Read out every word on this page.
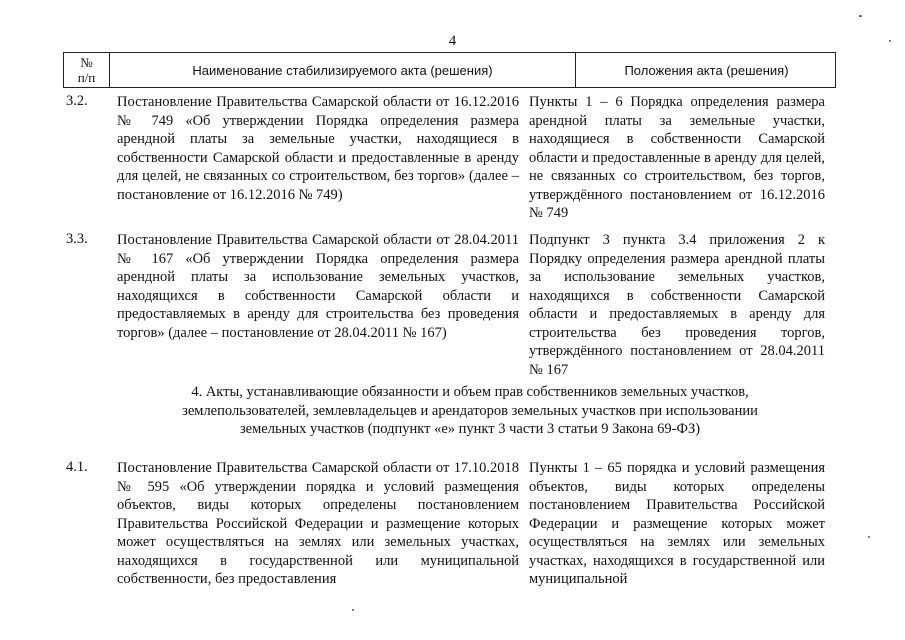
4
№
п/п	Наименование стабилизируемого акта (решения)	Положения акта (решения)
3.2. Постановление Правительства Самарской области от 16.12.2016 № 749 «Об утверждении Порядка определения размера арендной платы за земельные участки, находящиеся в собственности Самарской области и предоставленные в аренду для целей, не связанных со строительством, без торгов» (далее – постановление от 16.12.2016 № 749)
Пункты 1 – 6 Порядка определения размера арендной платы за земельные участки, находящиеся в собственности Самарской области и предоставленные в аренду для целей, не связанных со строительством, без торгов, утверждённого постановлением от 16.12.2016 № 749
3.3. Постановление Правительства Самарской области от 28.04.2011 № 167 «Об утверждении Порядка определения размера арендной платы за использование земельных участков, находящихся в собственности Самарской области и предоставляемых в аренду для строительства без проведения торгов» (далее – постановление от 28.04.2011 № 167)
Подпункт 3 пункта 3.4 приложения 2 к Порядку определения размера арендной платы за использование земельных участков, находящихся в собственности Самарской области и предоставляемых в аренду для строительства без проведения торгов, утверждённого постановлением от 28.04.2011 № 167
4. Акты, устанавливающие обязанности и объем прав собственников земельных участков, землепользователей, землевладельцев и арендаторов земельных участков при использовании земельных участков (подпункт «е» пункт 3 части 3 статьи 9 Закона 69-ФЗ)
4.1. Постановление Правительства Самарской области от 17.10.2018 № 595 «Об утверждении порядка и условий размещения объектов, виды которых определены постановлением Правительства Российской Федерации и размещение которых может осуществляться на землях или земельных участках, находящихся в государственной или муниципальной собственности, без предоставления
Пункты 1 – 65 порядка и условий размещения объектов, виды которых определены постановлением Правительства Российской Федерации и размещение которых может осуществляться на землях или земельных участках, находящихся в государственной или муниципальной
